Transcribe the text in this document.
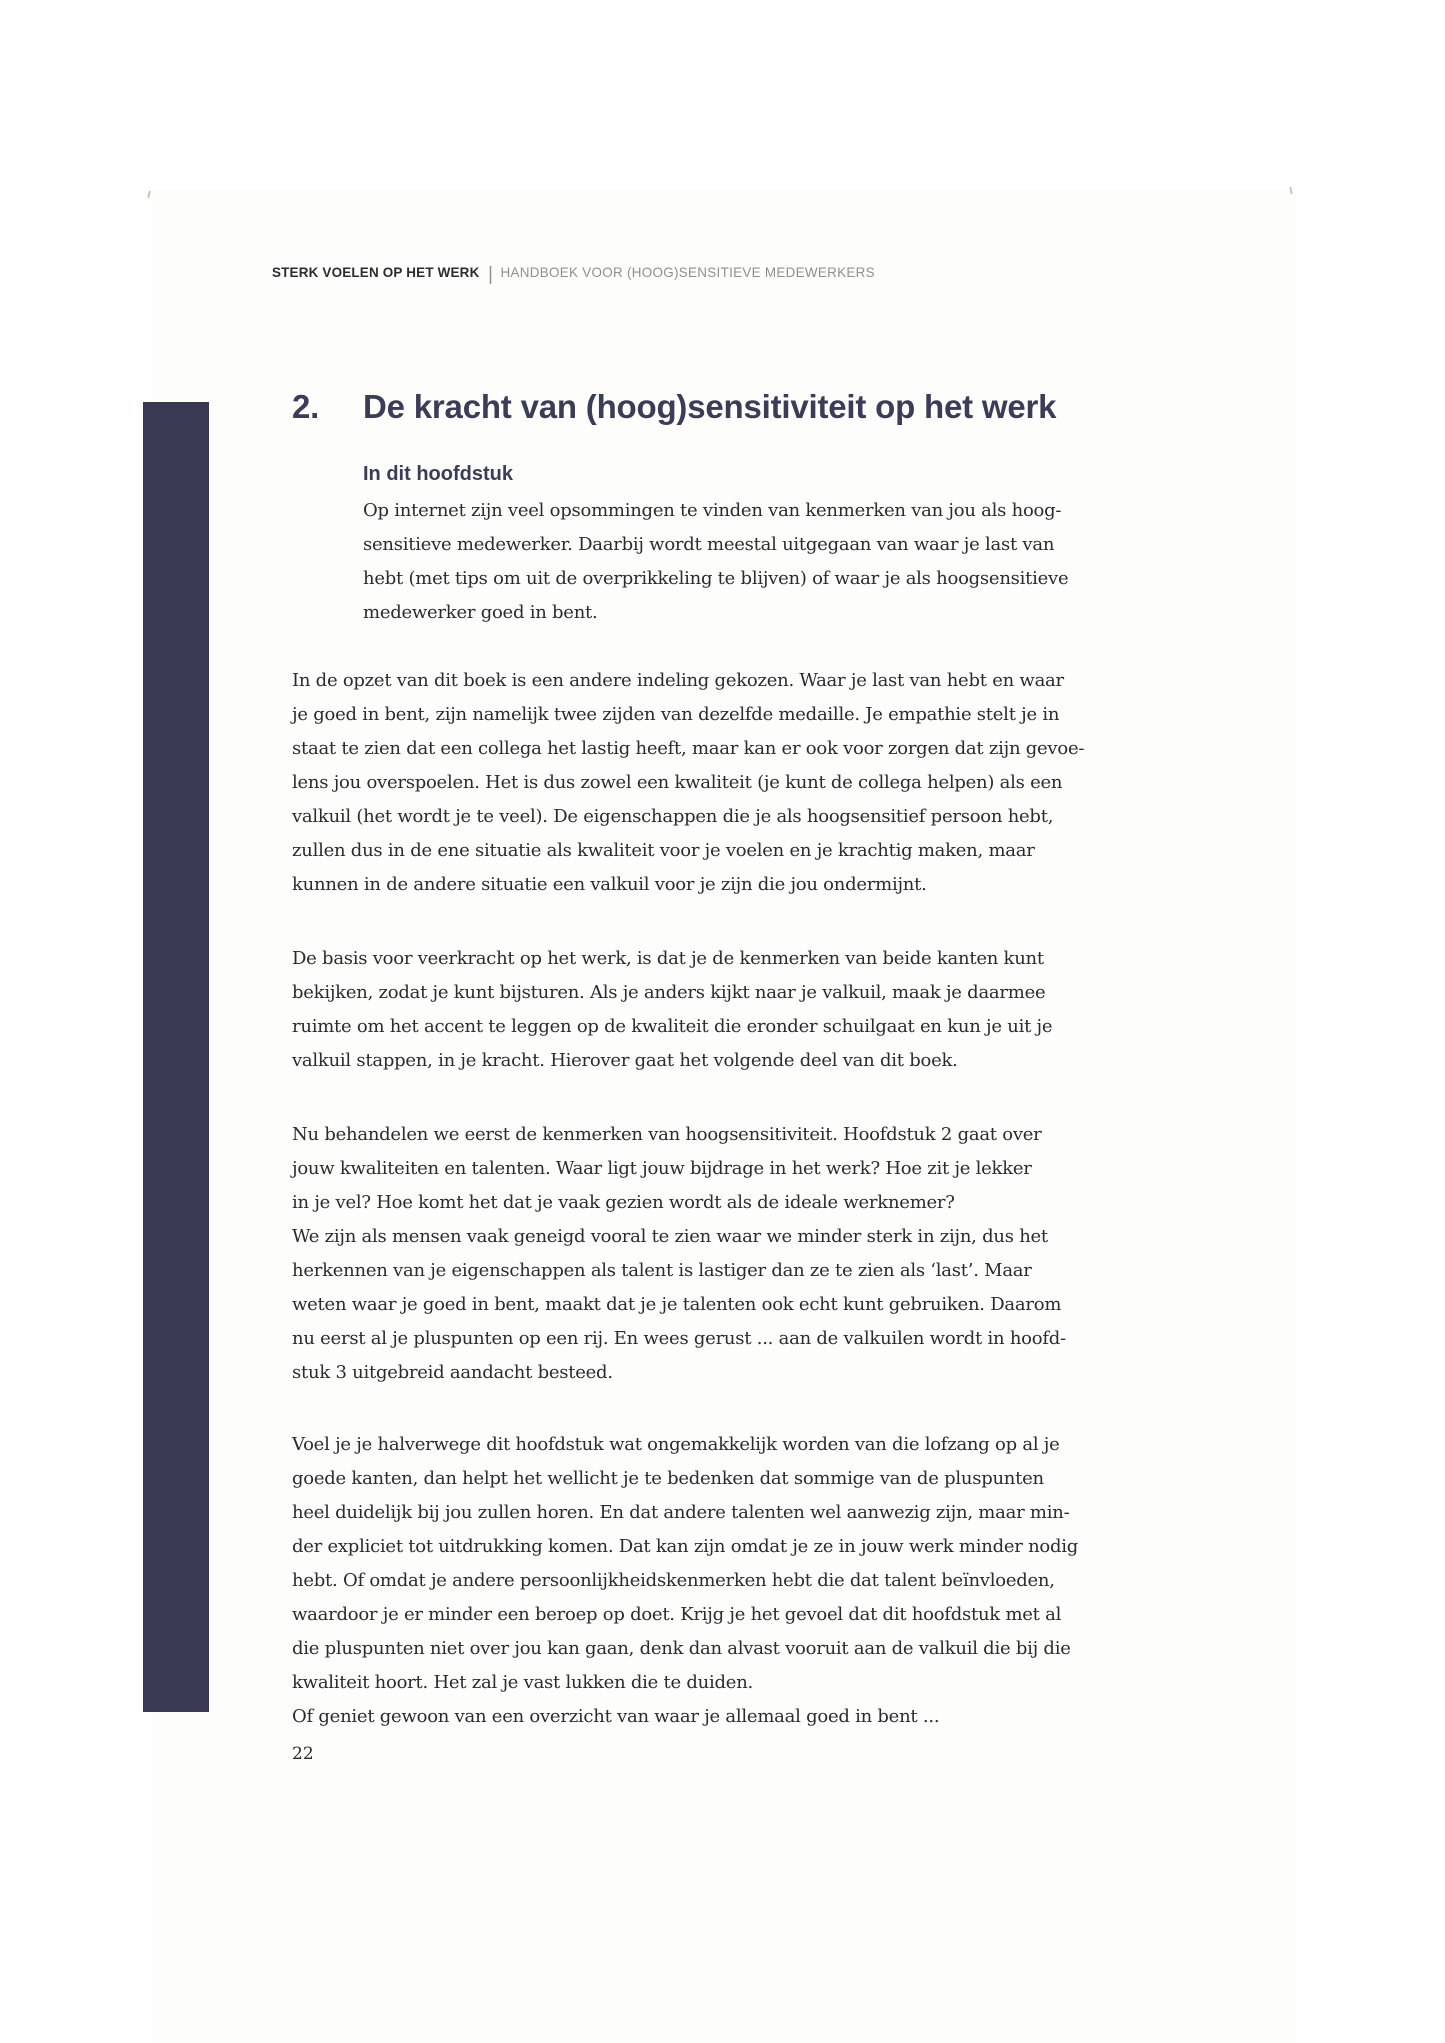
STERK VOELEN OP HET WERK | HANDBOEK VOOR (HOOG)SENSITIEVE MEDEWERKERS
2. De kracht van (hoog)sensitiviteit op het werk
In dit hoofdstuk
Op internet zijn veel opsommingen te vinden van kenmerken van jou als hoog-
sensitieve medewerker. Daarbij wordt meestal uitgegaan van waar je last van
hebt (met tips om uit de overprikkeling te blijven) of waar je als hoogsensitieve
medewerker goed in bent.
In de opzet van dit boek is een andere indeling gekozen. Waar je last van hebt en waar
je goed in bent, zijn namelijk twee zijden van dezelfde medaille. Je empathie stelt je in
staat te zien dat een collega het lastig heeft, maar kan er ook voor zorgen dat zijn gevoe-
lens jou overspoelen. Het is dus zowel een kwaliteit (je kunt de collega helpen) als een
valkuil (het wordt je te veel). De eigenschappen die je als hoogsensitief persoon hebt,
zullen dus in de ene situatie als kwaliteit voor je voelen en je krachtig maken, maar
kunnen in de andere situatie een valkuil voor je zijn die jou ondermijnt.
De basis voor veerkracht op het werk, is dat je de kenmerken van beide kanten kunt
bekijken, zodat je kunt bijsturen. Als je anders kijkt naar je valkuil, maak je daarmee
ruimte om het accent te leggen op de kwaliteit die eronder schuilgaat en kun je uit je
valkuil stappen, in je kracht. Hierover gaat het volgende deel van dit boek.
Nu behandelen we eerst de kenmerken van hoogsensitiviteit. Hoofdstuk 2 gaat over
jouw kwaliteiten en talenten. Waar ligt jouw bijdrage in het werk? Hoe zit je lekker
in je vel? Hoe komt het dat je vaak gezien wordt als de ideale werknemer?
We zijn als mensen vaak geneigd vooral te zien waar we minder sterk in zijn, dus het
herkennen van je eigenschappen als talent is lastiger dan ze te zien als ‘last’. Maar
weten waar je goed in bent, maakt dat je je talenten ook echt kunt gebruiken. Daarom
nu eerst al je pluspunten op een rij. En wees gerust ... aan de valkuilen wordt in hoofd-
stuk 3 uitgebreid aandacht besteed.
Voel je je halverwege dit hoofdstuk wat ongemakkelijk worden van die lofzang op al je
goede kanten, dan helpt het wellicht je te bedenken dat sommige van de pluspunten
heel duidelijk bij jou zullen horen. En dat andere talenten wel aanwezig zijn, maar min-
der expliciet tot uitdrukking komen. Dat kan zijn omdat je ze in jouw werk minder nodig
hebt. Of omdat je andere persoonlijkheidskenmerken hebt die dat talent beïnvloeden,
waardoor je er minder een beroep op doet. Krijg je het gevoel dat dit hoofdstuk met al
die pluspunten niet over jou kan gaan, denk dan alvast vooruit aan de valkuil die bij die
kwaliteit hoort. Het zal je vast lukken die te duiden.
Of geniet gewoon van een overzicht van waar je allemaal goed in bent ...
22
